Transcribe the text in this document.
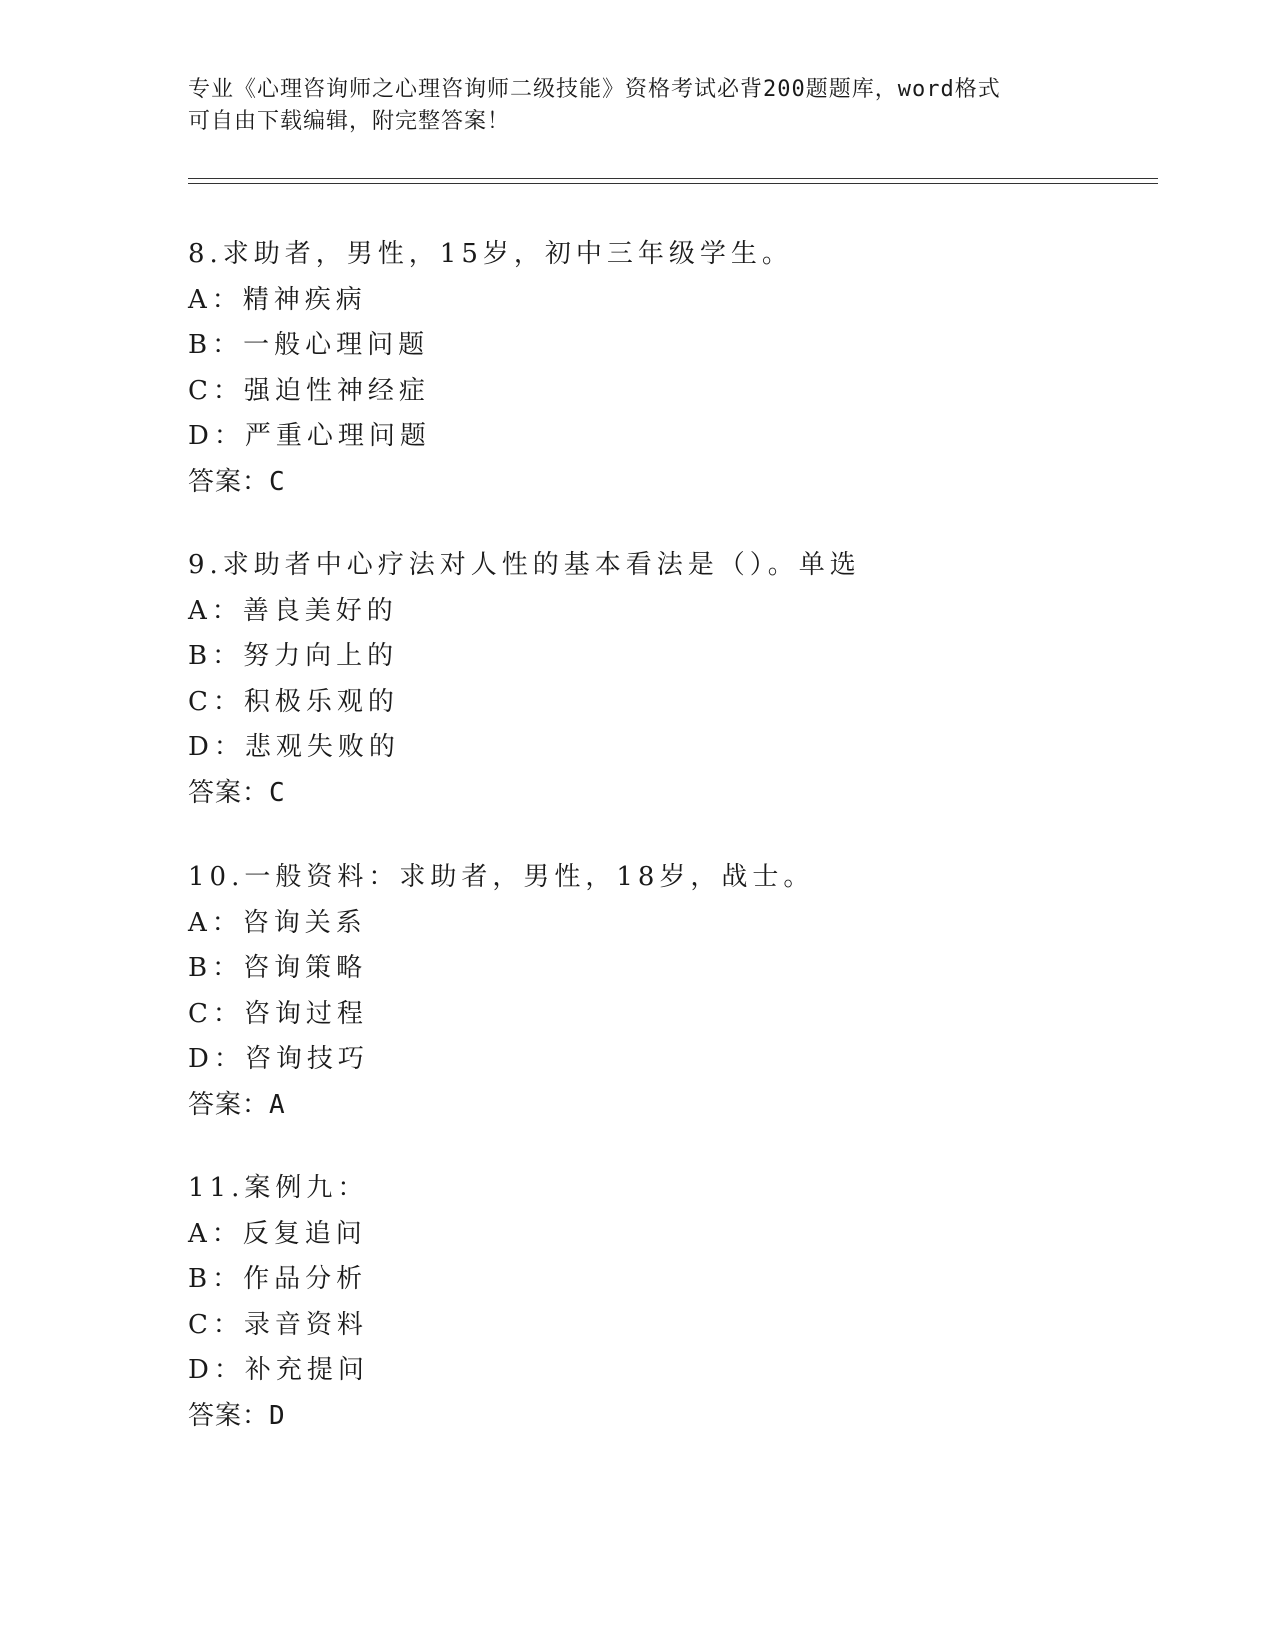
专业《心理咨询师之心理咨询师二级技能》资格考试必背200题题库，word格式
可自由下载编辑，附完整答案！
8.求助者，男性，15岁，初中三年级学生。
A：精神疾病
B：一般心理问题
C：强迫性神经症
D：严重心理问题
答案：C
9.求助者中心疗法对人性的基本看法是（）。单选
A：善良美好的
B：努力向上的
C：积极乐观的
D：悲观失败的
答案：C
10.一般资料：求助者，男性，18岁，战士。
A：咨询关系
B：咨询策略
C：咨询过程
D：咨询技巧
答案：A
11.案例九：
A：反复追问
B：作品分析
C：录音资料
D：补充提问
答案：D
